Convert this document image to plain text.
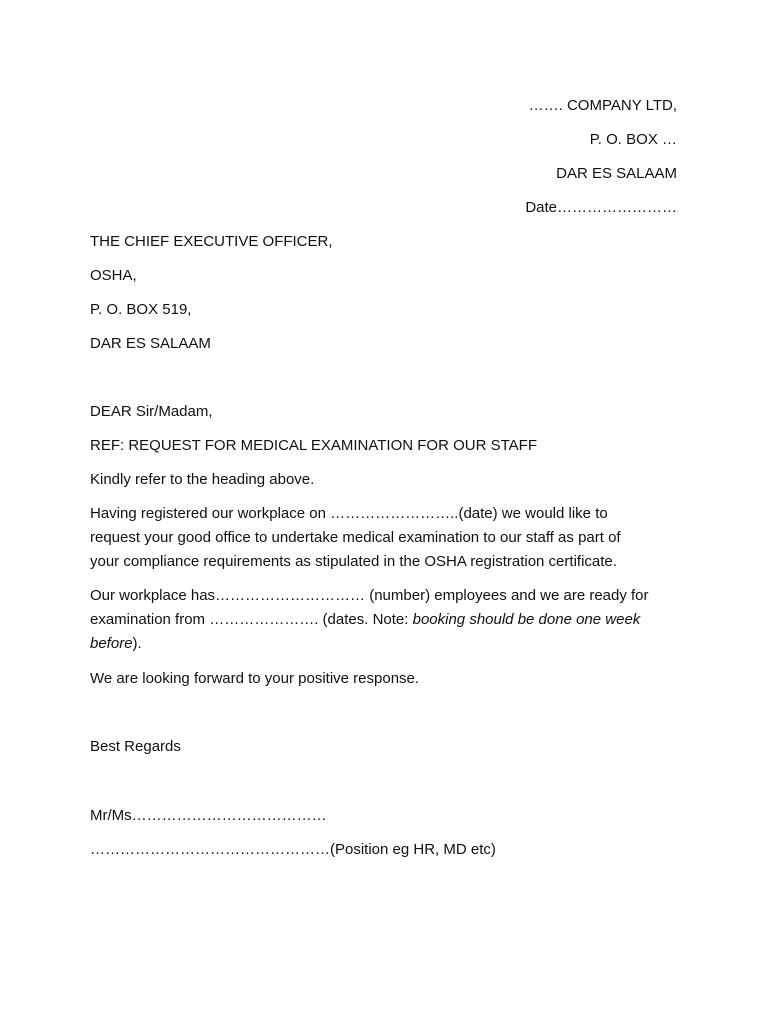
……. COMPANY LTD,
P. O. BOX …
DAR ES SALAAM
Date……………………
THE CHIEF EXECUTIVE OFFICER,
OSHA,
P. O. BOX 519,
DAR ES SALAAM
DEAR Sir/Madam,
REF: REQUEST FOR MEDICAL EXAMINATION FOR OUR STAFF
Kindly refer to the heading above.
Having registered our workplace on ……………………..(date) we would like to
request your good office to undertake medical examination to our staff as part of
your compliance requirements as stipulated in the OSHA registration certificate.
Our workplace has………………………… (number) employees and we are ready for
examination from …………………. (dates. Note: booking should be done one week
before).
We are looking forward to your positive response.
Best Regards
Mr/Ms…………………………………
…………………………………………(Position eg HR, MD etc)
